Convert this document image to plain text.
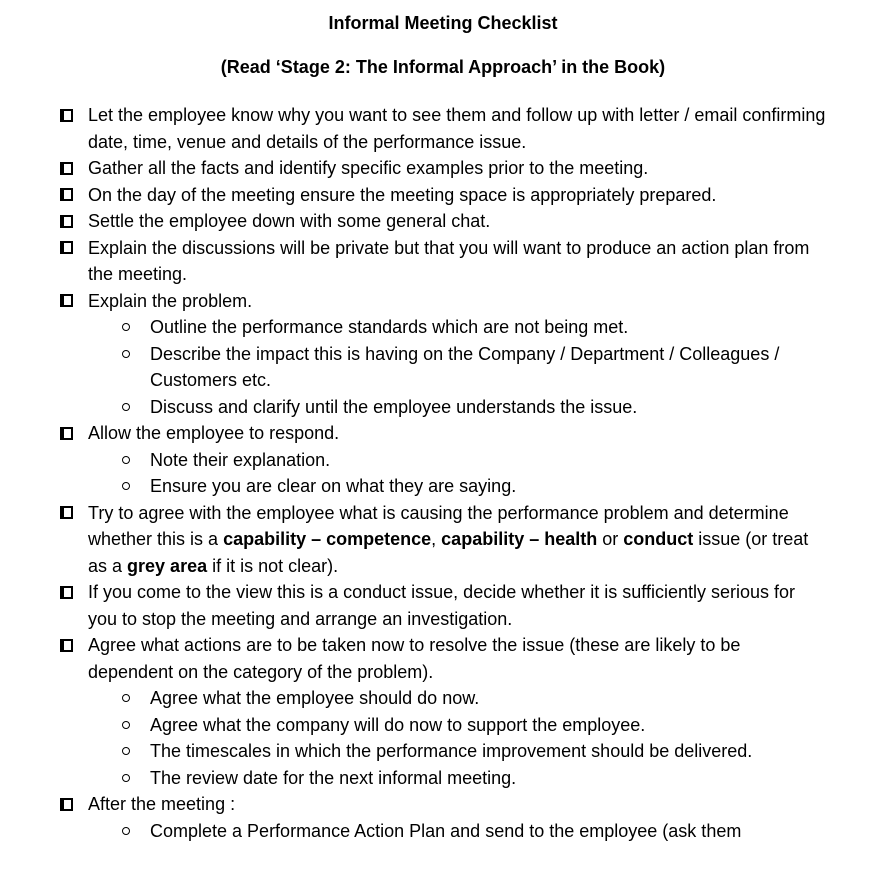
Informal Meeting Checklist
(Read ‘Stage 2: The Informal Approach’ in the Book)
Let the employee know why you want to see them and follow up with letter / email confirming date, time, venue and details of the performance issue.
Gather all the facts and identify specific examples prior to the meeting.
On the day of the meeting ensure the meeting space is appropriately prepared.
Settle the employee down with some general chat.
Explain the discussions will be private but that you will want to produce an action plan from the meeting.
Explain the problem.
Outline the performance standards which are not being met.
Describe the impact this is having on the Company / Department / Colleagues / Customers etc.
Discuss and clarify until the employee understands the issue.
Allow the employee to respond.
Note their explanation.
Ensure you are clear on what they are saying.
Try to agree with the employee what is causing the performance problem and determine whether this is a capability – competence, capability – health or conduct issue (or treat as a grey area if it is not clear).
If you come to the view this is a conduct issue, decide whether it is sufficiently serious for you to stop the meeting and arrange an investigation.
Agree what actions are to be taken now to resolve the issue (these are likely to be dependent on the category of the problem).
Agree what the employee should do now.
Agree what the company will do now to support the employee.
The timescales in which the performance improvement should be delivered.
The review date for the next informal meeting.
After the meeting :
Complete a Performance Action Plan and send to the employee (ask them
